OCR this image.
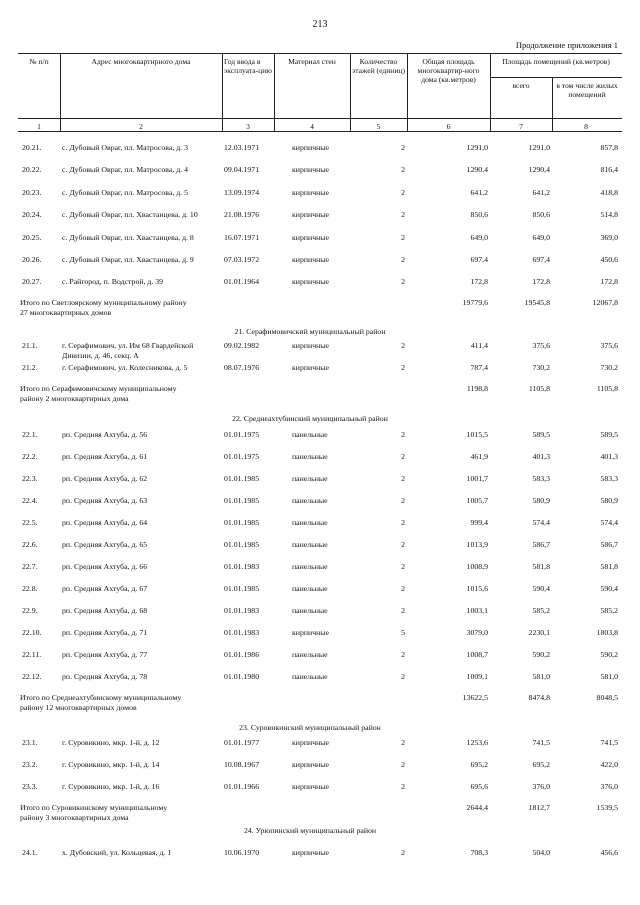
213
Продолжение приложения 1
№ п/п	Адрес многоквартирного дома	Год ввода в эксплуата-цию
Материал стен	Количество этажей (единиц)
Общая площадь многоквартир-ного дома (кв.метров)
Площадь помещений (кв.метров)
всего	в том числе жилых помещений
1	2	3	4	5	6	7	8
20.21.	с. Дубовый Овраг, пл. Матросова, д. 3	12.03.1971	кирпичные	2	1291,0	1291,0	857,8
20.22.	с. Дубовый Овраг, пл. Матросова, д. 4	09.04.1971	кирпичные	2	1290,4	1290,4	816,4
20.23.	с. Дубовый Овраг, пл. Матросова, д. 5	13.09.1974	кирпичные	2	641,2	641,2	418,8
20.24.	с. Дубовый Овраг, пл. Хвастанцева, д. 10	21.08.1976	кирпичные	2	850,6	850,6	514,8
20.25.	с. Дубовый Овраг, пл. Хвастанцева, д. 8	16.07.1971	кирпичные	2	649,0	649,0	369,0
20.26.	с. Дубовый Овраг, пл. Хвастанцева, д. 9	07.03.1972	кирпичные	2	697,4	697,4	450,6
20.27.	с. Райгород, п. Водстрой, д. 39	01.01.1964	кирпичные	2	172,8	172,8	172,8
Итого по Светлоярскому муниципальному району
27 многоквартирных домов
19779,6	19545,8	12067,8
21. Серафимовичский муниципальный район
21.1.	г. Серафимович, ул. Им 68 Гвардейской
Дивизии, д. 46, секц. А
09.02.1982	кирпичные	2	411,4	375,6	375,6
21.2.	г. Серафимович, ул. Колесникова, д. 5	08.07.1976	кирпичные	2	787,4	730,2	730,2
Итого по Серафимовичскому муниципальному
району 2 многоквартирных дома
1198,8	1105,8	1105,8
22. Среднеахтубинский муниципальный район
22.1.	рп. Средняя Ахтуба, д. 56	01.01.1975	панельные	2	1015,5	589,5	589,5
22.2.	рп. Средняя Ахтуба, д. 61	01.01.1975	панельные	2	461,9	401,3	401,3
22.3.	рп. Средняя Ахтуба, д. 62	01.01.1985	панельные	2	1001,7	583,3	583,3
22.4.	рп. Средняя Ахтуба, д. 63	01.01.1985	панельные	2	1005,7	580,9	580,9
22.5.	рп. Средняя Ахтуба, д. 64	01.01.1985	панельные	2	999,4	574,4	574,4
22.6.	рп. Средняя Ахтуба, д. 65	01.01.1985	панельные	2	1013,9	586,7	586,7
22.7.	рп. Средняя Ахтуба, д. 66	01.01.1983	панельные	2	1008,9	581,8	581,8
22.8.	рп. Средняя Ахтуба, д. 67	01.01.1985	панельные	2	1015,6	590,4	590,4
22.9.	рп. Средняя Ахтуба, д. 68	01.01.1983	панельные	2	1003,1	585,2	585,2
22.10.	рп. Средняя Ахтуба, д. 71	01.01.1983	кирпичные	5	3079,0	2230,1	1803,8
22.11.	рп. Средняя Ахтуба, д. 77	01.01.1986	панельные	2	1008,7	590,2	590,2
22.12.	рп. Средняя Ахтуба, д. 78	01.01.1980	панельные	2	1009,1	581,0	581,0
Итого по Среднеахтубинскому муниципальному
району 12 многоквартирных домов
13622,5	8474,8	8048,5
23. Суровикинский муниципальный район
23.1.	г. Суровикино, мкр. 1-й, д. 12	01.01.1977	кирпичные	2	1253,6	741,5	741,5
23.2.	г. Суровикино, мкр. 1-й, д. 14	10.08.1967	кирпичные	2	695,2	695,2	422,0
23.3.	г. Суровикино, мкр. 1-й, д. 16	01.01.1966	кирпичные	2	695,6	376,0	376,0
Итого по Суровикинскому муниципальному
району 3 многоквартирных дома
2644,4	1812,7	1539,5
24. Урюпинский муниципальный район
24.1.	х. Дубовский, ул. Кольцевая, д. 1	10.06.1970	кирпичные	2	708,3	504,0	456,6
